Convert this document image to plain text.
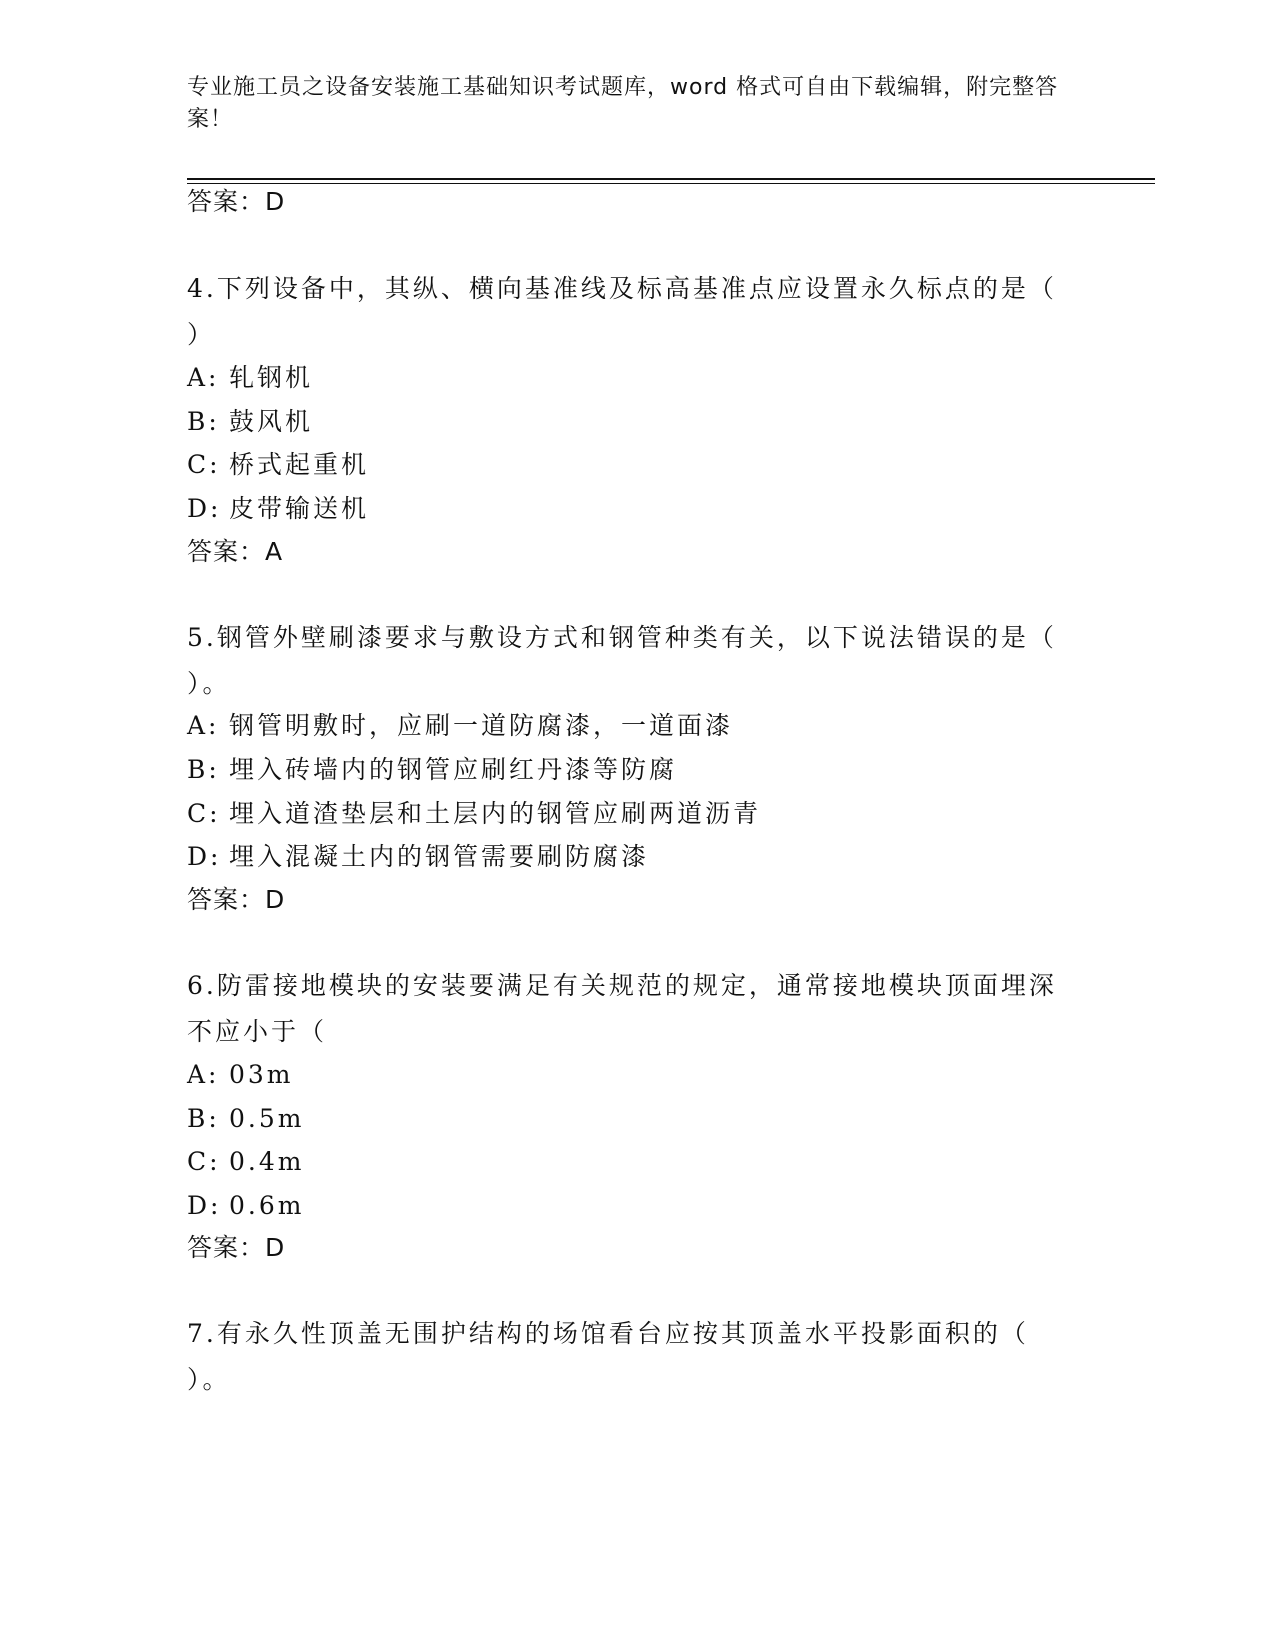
专业施工员之设备安装施工基础知识考试题库，word 格式可自由下载编辑，附完整答案！
答案：D
4.下列设备中，其纵、横向基准线及标高基准点应设置永久标点的是（ ）
A: 轧钢机
B: 鼓风机
C: 桥式起重机
D: 皮带输送机
答案：A
5.钢管外壁刷漆要求与敷设方式和钢管种类有关，以下说法错误的是（ ）。
A: 钢管明敷时，应刷一道防腐漆，一道面漆
B: 埋入砖墙内的钢管应刷红丹漆等防腐
C: 埋入道渣垫层和土层内的钢管应刷两道沥青
D: 埋入混凝土内的钢管需要刷防腐漆
答案：D
6.防雷接地模块的安装要满足有关规范的规定，通常接地模块顶面埋深不应小于（
A: 03m
B: 0.5m
C: 0.4m
D: 0.6m
答案：D
7.有永久性顶盖无围护结构的场馆看台应按其顶盖水平投影面积的（ ）。
